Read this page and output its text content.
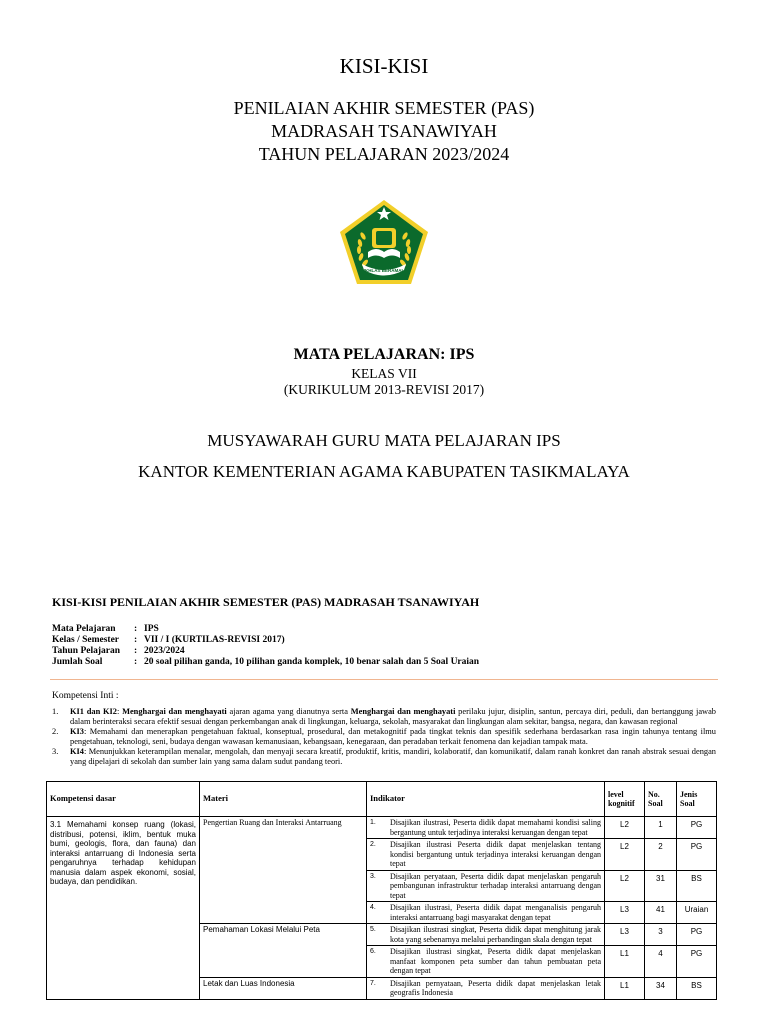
KISI-KISI
PENILAIAN AKHIR SEMESTER (PAS)
MADRASAH TSANAWIYAH
TAHUN PELAJARAN 2023/2024
IKHLAS BERAMAL
MATA PELAJARAN: IPS
KELAS VII
(KURIKULUM 2013-REVISI 2017)
MUSYAWARAH GURU MATA PELAJARAN IPS
KANTOR KEMENTERIAN AGAMA KABUPATEN TASIKMALAYA
KISI-KISI PENILAIAN AKHIR SEMESTER (PAS) MADRASAH TSANAWIYAH
Mata Pelajaran	: IPS
Kelas / Semester	: VII / I (KURTILAS-REVISI 2017)
Tahun Pelajaran	: 2023/2024
Jumlah Soal	: 20 soal pilihan ganda, 10 pilihan ganda komplek, 10 benar salah dan 5 Soal Uraian
Kompetensi Inti :
1.	KI1 dan KI2: Menghargai dan menghayati ajaran agama yang dianutnya serta Menghargai dan menghayati perilaku jujur, disiplin, santun, percaya diri, peduli, dan bertanggung jawab dalam berinteraksi secara efektif sesuai dengan perkembangan anak di lingkungan, keluarga, sekolah, masyarakat dan lingkungan alam sekitar, bangsa, negara, dan kawasan regional
2.	KI3: Memahami dan menerapkan pengetahuan faktual, konseptual, prosedural, dan metakognitif pada tingkat teknis dan spesifik sederhana berdasarkan rasa ingin tahunya tentang ilmu pengetahuan, teknologi, seni, budaya dengan wawasan kemanusiaan, kebangsaan, kenegaraan, dan peradaban terkait fenomena dan kejadian tampak mata.
3.	KI4: Menunjukkan keterampilan menalar, mengolah, dan menyaji secara kreatif, produktif, kritis, mandiri, kolaboratif, dan komunikatif, dalam ranah konkret dan ranah abstrak sesuai dengan yang dipelajari di sekolah dan sumber lain yang sama dalam sudut pandang teori.
Kompetensi dasar	Materi	Indikator	level kognitif	No. Soal	Jenis Soal
3.1 Memahami konsep ruang (lokasi, distribusi, potensi, iklim, bentuk muka bumi, geologis, flora, dan fauna) dan interaksi antarruang di Indonesia serta pengaruhnya terhadap kehidupan manusia dalam aspek ekonomi, sosial, budaya, dan pendidikan.	Pengertian Ruang dan Interaksi Antarruang	1. Disajikan ilustrasi, Peserta didik dapat memahami kondisi saling bergantung untuk terjadinya interaksi keruangan dengan tepat	L2	1	PG

		2. Disajikan ilustrasi Peserta didik dapat menjelaskan tentang kondisi bergantung untuk terjadinya interaksi keruangan dengan tepat	L2	2	PG

		3. Disajikan peryataan, Peserta didik dapat menjelaskan pengaruh pembangunan infrastruktur terhadap interaksi antarruang dengan tepat	L2	31	BS

		4. Disajikan ilustrasi, Peserta didik dapat menganalisis pengaruh interaksi antarruang bagi masyarakat dengan tepat	L3	41	Uraian
	Pemahaman Lokasi Melalui Peta	5. Disajikan ilustrasi singkat, Peserta didik dapat menghitung jarak kota yang sebenarnya melalui perbandingan skala dengan tepat	L3	3	PG

		6. Disajikan ilustrasi singkat, Peserta didik dapat menjelaskan manfaat komponen peta sumber dan tahun pembuatan peta dengan tepat	L1	4	PG
	Letak dan Luas Indonesia	7. Disajikan pernyataan, Peserta didik dapat menjelaskan letak geografis Indonesia	L1	34	BS
